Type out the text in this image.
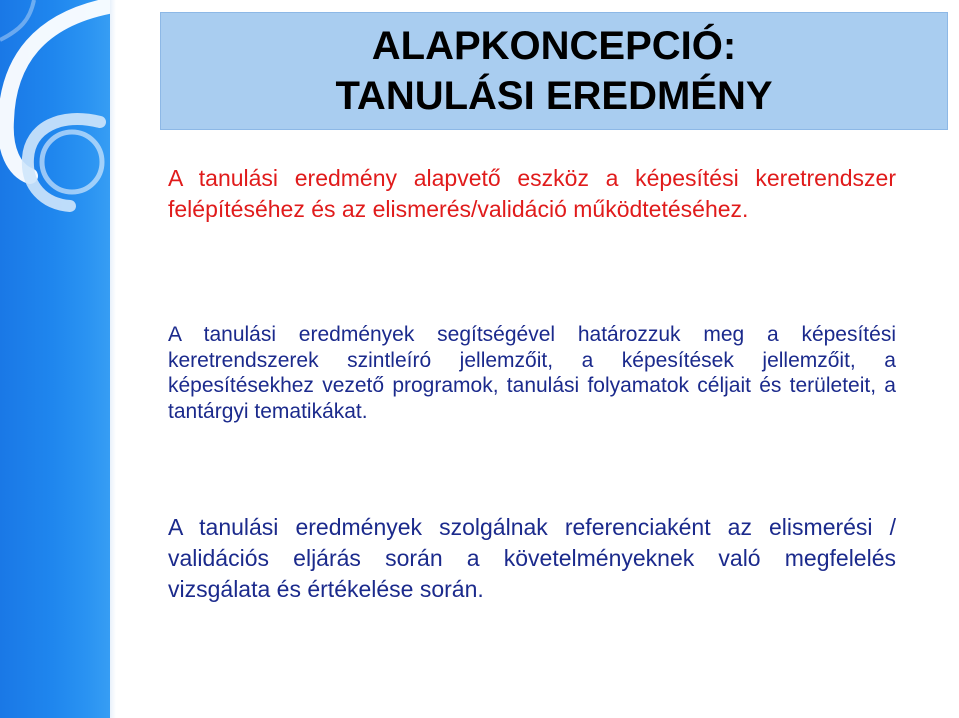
ALAPKONCEPCIÓ:
TANULÁSI EREDMÉNY

A tanulási eredmény alapvető eszköz a képesítési keretrendszer felépítéséhez és az elismerés/validáció működtetéséhez.

A tanulási eredmények segítségével határozzuk meg a képesítési keretrendszerek szintleíró jellemzőit, a képesítések jellemzőit, a képesítésekhez vezető programok, tanulási folyamatok céljait és területeit, a tantárgyi tematikákat.

A tanulási eredmények szolgálnak referenciaként az elismerési / validációs eljárás során a követelményeknek való megfelelés vizsgálata és értékelése során.
